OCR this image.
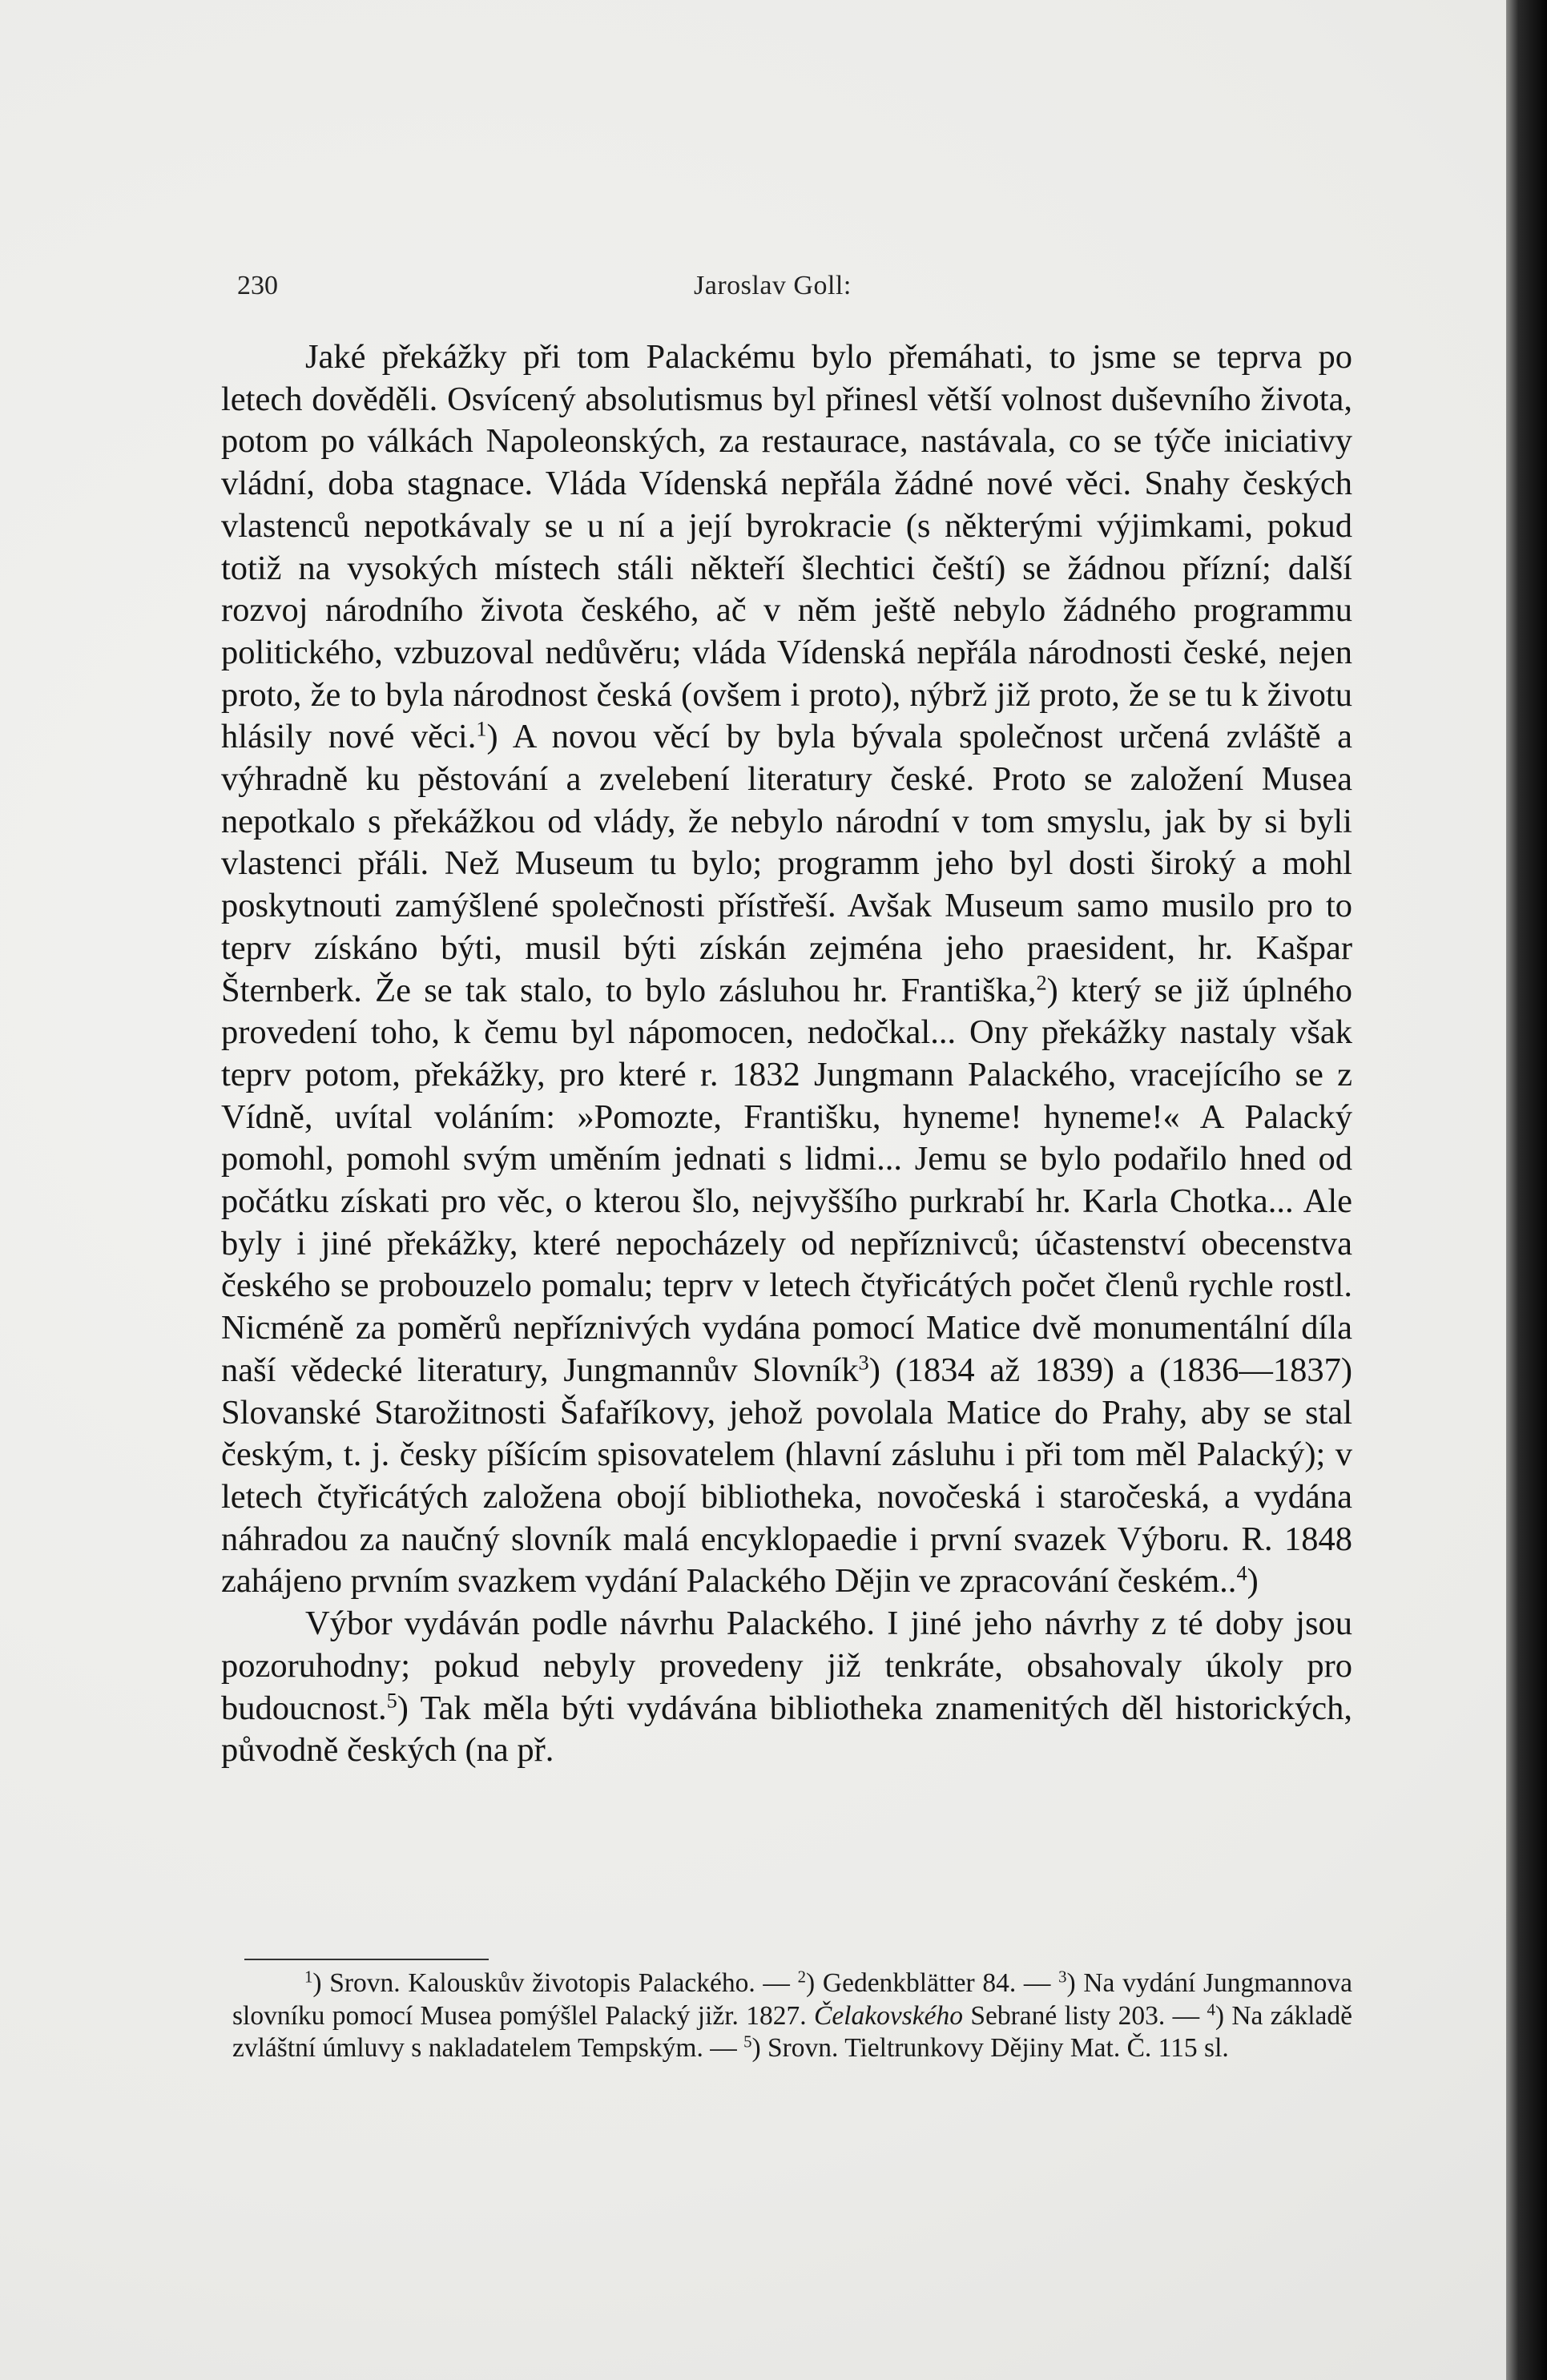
230	Jaroslav Goll:

Jaké překážky při tom Palackému bylo přemáhati, to jsme se teprva po letech dověděli. Osvícený absolutismus byl přinesl větší volnost duševního života, potom po válkách Napoleonských, za restaurace, nastávala, co se týče iniciativy vládní, doba stagnace. Vláda Vídenská nepřála žádné nové věci. Snahy českých vlastenců nepotkávaly se u ní a její byrokracie (s některými výjimkami, pokud totiž na vysokých místech stáli někteří šlechtici čeští) se žádnou přízní; další rozvoj národního života českého, ač v něm ještě nebylo žádného programmu politického, vzbuzoval nedůvěru; vláda Vídenská nepřála národnosti české, nejen proto, že to byla národnost česká (ovšem i proto), nýbrž již proto, že se tu k životu hlásily nové věci.$^1$) A novou věcí by byla bývala společnost určená zvláště a výhradně ku pěstování a zvelebení literatury české. Proto se založení Musea nepotkalo s překážkou od vlády, že nebylo národní v tom smyslu, jak by si byli vlastenci přáli. Než Museum tu bylo; programm jeho byl dosti široký a mohl poskytnouti zamýšlené společnosti přístřeší. Avšak Museum samo musilo pro to teprv získáno býti, musil býti získán zejména jeho praesident, hr. Kašpar Šternberk. Že se tak stalo, to bylo zásluhou hr. Františka,$^2$) který se již úplného provedení toho, k čemu byl nápomocen, nedočkal... Ony překážky nastaly však teprv potom, překážky, pro které r. 1832 Jungmann Palackého, vracejícího se z Vídně, uvítal voláním: »Pomozte, Františku, hyneme! hyneme!« A Palacký pomohl, pomohl svým uměním jednati s lidmi... Jemu se bylo podařilo hned od počátku získati pro věc, o kterou šlo, nejvyššího purkrabí hr. Karla Chotka... Ale byly i jiné překážky, které nepocházely od nepříznivců; účastenství obecenstva českého se probouzelo pomalu; teprv v letech čtyřicátých počet členů rychle rostl. Nicméně za poměrů nepříznivých vydána pomocí Matice dvě monumentální díla naší vědecké literatury, Jungmannův Slovník$^3$) (1834 až 1839) a (1836—1837) Slovanské Starožitnosti Šafaříkovy, jehož povolala Matice do Prahy, aby se stal českým, t. j. česky píšícím spisovatelem (hlavní zásluhu i při tom měl Palacký); v letech čtyřicátých založena obojí bibliotheka, novočeská i staročeská, a vydána náhradou za naučný slovník malá encyklopaedie i první svazek Výboru. R. 1848 zahájeno prvním svazkem vydání Palackého Dějin ve zpracování českém..$^4$)

Výbor vydáván podle návrhu Palackého. I jiné jeho návrhy z té doby jsou pozoruhodny; pokud nebyly provedeny již tenkráte, obsahovaly úkoly pro budoucnost.$^5$) Tak měla býti vydávána bibliotheka znamenitých děl historických, původně českých (na př.

$^1$) Srovn. Kalouskův životopis Palackého. — $^2$) Gedenkblätter 84. — $^3$) Na vydání Jungmannova slovníku pomocí Musea pomýšlel Palacký jižr. 1827. Čelakovského Sebrané listy 203. — $^4$) Na základě zvláštní úmluvy s nakladatelem Tempským. — $^5$) Srovn. Tieltrunkovy Dějiny Mat. Č. 115 sl.
